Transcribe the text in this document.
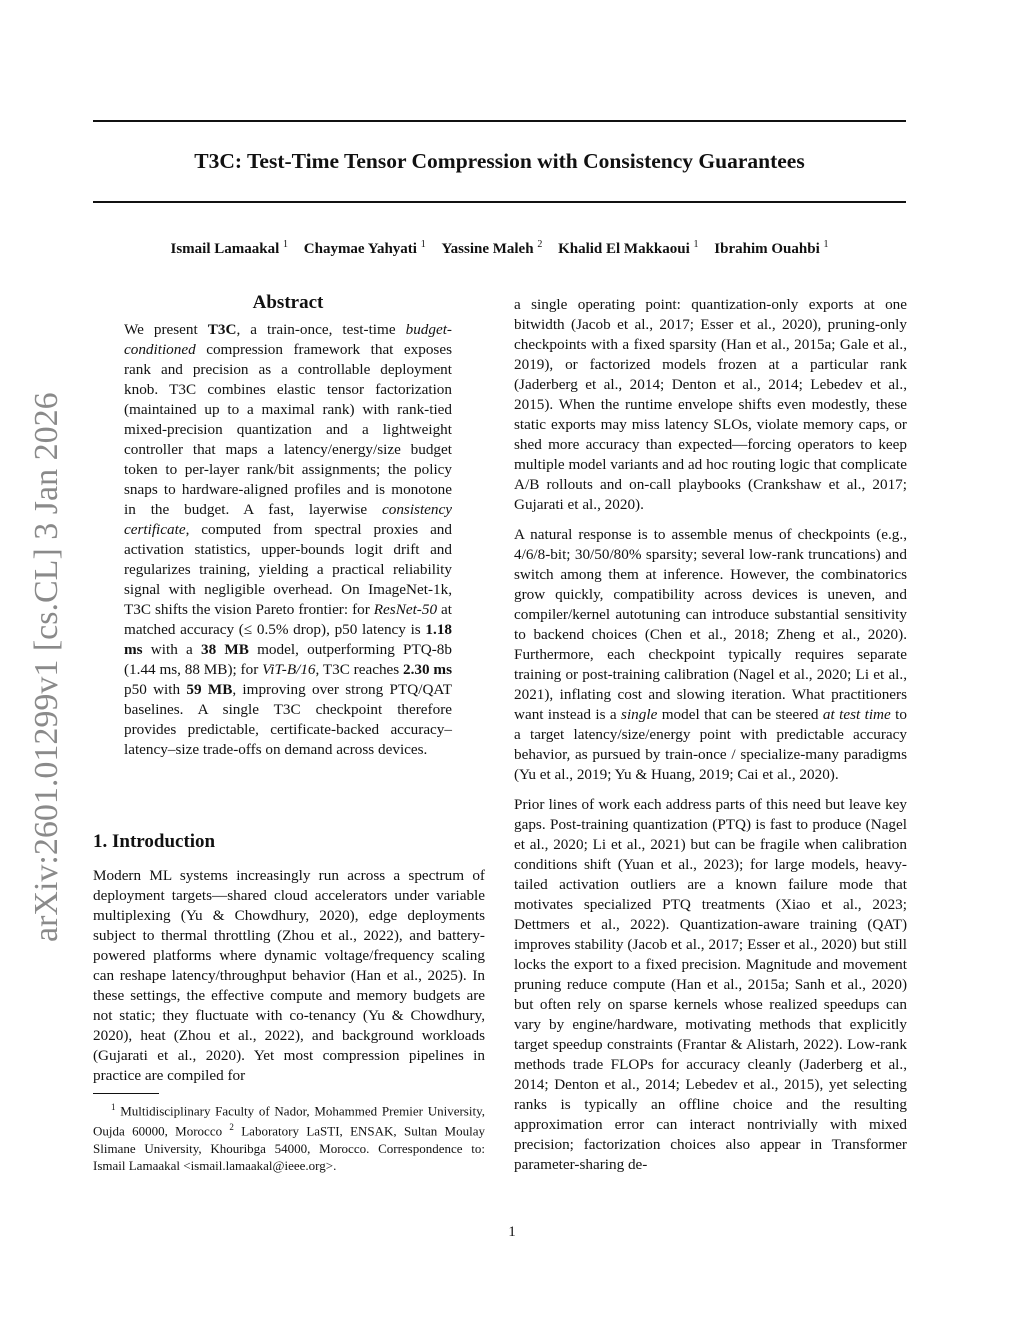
arXiv:2601.01299v1 [cs.CL] 3 Jan 2026
T3C: Test-Time Tensor Compression with Consistency Guarantees
Ismail Lamaakal $^1$ Chaymae Yahyati $^1$ Yassine Maleh $^2$ Khalid El Makkaoui $^1$ Ibrahim Ouahbi $^1$
Abstract

We present T3C, a train-once, test-time budget-conditioned compression framework that exposes rank and precision as a controllable deployment knob. T3C combines elastic tensor factorization (maintained up to a maximal rank) with rank-tied mixed-precision quantization and a lightweight controller that maps a latency/energy/size budget token to per-layer rank/bit assignments; the policy snaps to hardware-aligned profiles and is monotone in the budget. A fast, layerwise consistency certificate, computed from spectral proxies and activation statistics, upper-bounds logit drift and regularizes training, yielding a practical reliability signal with negligible overhead. On ImageNet-1k, T3C shifts the vision Pareto frontier: for ResNet-50 at matched accuracy (≤ 0.5% drop), p50 latency is 1.18 ms with a 38 MB model, outperforming PTQ-8b (1.44 ms, 88 MB); for ViT-B/16, T3C reaches 2.30 ms p50 with 59 MB, improving over strong PTQ/QAT baselines. A single T3C checkpoint therefore provides predictable, certificate-backed accuracy–latency–size trade-offs on demand across devices.

1. Introduction

Modern ML systems increasingly run across a spectrum of deployment targets—shared cloud accelerators under variable multiplexing (Yu & Chowdhury, 2020), edge deployments subject to thermal throttling (Zhou et al., 2022), and battery-powered platforms where dynamic voltage/frequency scaling can reshape latency/throughput behavior (Han et al., 2025). In these settings, the effective compute and memory budgets are not static; they fluctuate with co-tenancy (Yu & Chowdhury, 2020), heat (Zhou et al., 2022), and background workloads (Gujarati et al., 2020). Yet most compression pipelines in practice are compiled for

$^1$ Multidisciplinary Faculty of Nador, Mohammed Premier University, Oujda 60000, Morocco $^2$ Laboratory LaSTI, ENSAK, Sultan Moulay Slimane University, Khouribga 54000, Morocco. Correspondence to: Ismail Lamaakal <ismail.lamaakal@ieee.org>.

a single operating point: quantization-only exports at one bitwidth (Jacob et al., 2017; Esser et al., 2020), pruning-only checkpoints with a fixed sparsity (Han et al., 2015a; Gale et al., 2019), or factorized models frozen at a particular rank (Jaderberg et al., 2014; Denton et al., 2014; Lebedev et al., 2015). When the runtime envelope shifts even modestly, these static exports may miss latency SLOs, violate memory caps, or shed more accuracy than expected—forcing operators to keep multiple model variants and ad hoc routing logic that complicate A/B rollouts and on-call playbooks (Crankshaw et al., 2017; Gujarati et al., 2020).

A natural response is to assemble menus of checkpoints (e.g., 4/6/8-bit; 30/50/80% sparsity; several low-rank truncations) and switch among them at inference. However, the combinatorics grow quickly, compatibility across devices is uneven, and compiler/kernel autotuning can introduce substantial sensitivity to backend choices (Chen et al., 2018; Zheng et al., 2020). Furthermore, each checkpoint typically requires separate training or post-training calibration (Nagel et al., 2020; Li et al., 2021), inflating cost and slowing iteration. What practitioners want instead is a single model that can be steered at test time to a target latency/size/energy point with predictable accuracy behavior, as pursued by train-once / specialize-many paradigms (Yu et al., 2019; Yu & Huang, 2019; Cai et al., 2020).

Prior lines of work each address parts of this need but leave key gaps. Post-training quantization (PTQ) is fast to produce (Nagel et al., 2020; Li et al., 2021) but can be fragile when calibration conditions shift (Yuan et al., 2023); for large models, heavy-tailed activation outliers are a known failure mode that motivates specialized PTQ treatments (Xiao et al., 2023; Dettmers et al., 2022). Quantization-aware training (QAT) improves stability (Jacob et al., 2017; Esser et al., 2020) but still locks the export to a fixed precision. Magnitude and movement pruning reduce compute (Han et al., 2015a; Sanh et al., 2020) but often rely on sparse kernels whose realized speedups can vary by engine/hardware, motivating methods that explicitly target speedup constraints (Frantar & Alistarh, 2022). Low-rank methods trade FLOPs for accuracy cleanly (Jaderberg et al., 2014; Denton et al., 2014; Lebedev et al., 2015), yet selecting ranks is typically an offline choice and the resulting approximation error can interact nontrivially with mixed precision; factorization choices also appear in Transformer parameter-sharing de-

1
